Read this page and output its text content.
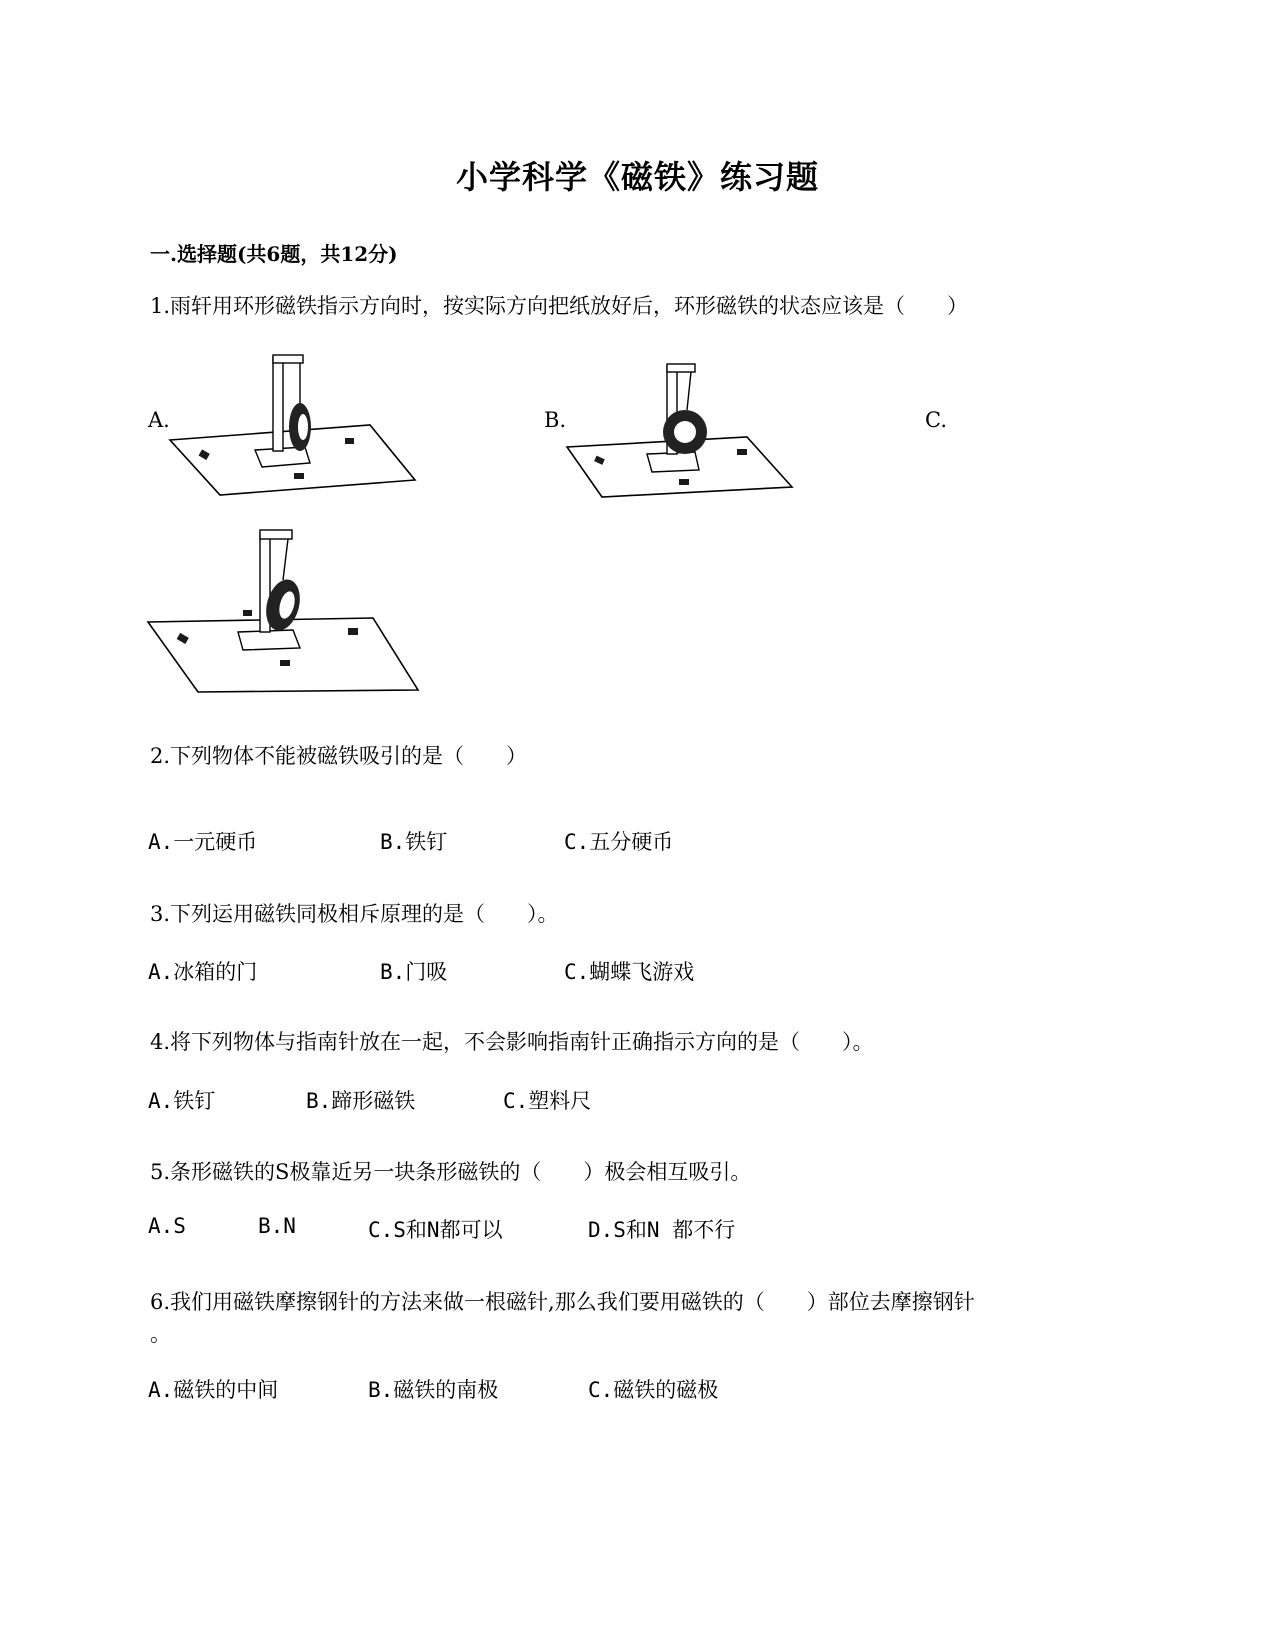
小学科学《磁铁》练习题
一.选择题(共6题，共12分)
1.雨轩用环形磁铁指示方向时，按实际方向把纸放好后，环形磁铁的状态应该是（　　）
A.	B.	C.
2.下列物体不能被磁铁吸引的是（　　）
A.一元硬币	B.铁钉	C.五分硬币
3.下列运用磁铁同极相斥原理的是（　　）。
A.冰箱的门	B.门吸	C.蝴蝶飞游戏
4.将下列物体与指南针放在一起，不会影响指南针正确指示方向的是（　　）。
A.铁钉	B.蹄形磁铁	C.塑料尺
5.条形磁铁的S极靠近另一块条形磁铁的（　　）极会相互吸引。
A.S	B.N	C.S和N都可以	D.S和N 都不行
6.我们用磁铁摩擦钢针的方法来做一根磁针,那么我们要用磁铁的（　　）部位去摩擦钢针
。
A.磁铁的中间	B.磁铁的南极	C.磁铁的磁极
